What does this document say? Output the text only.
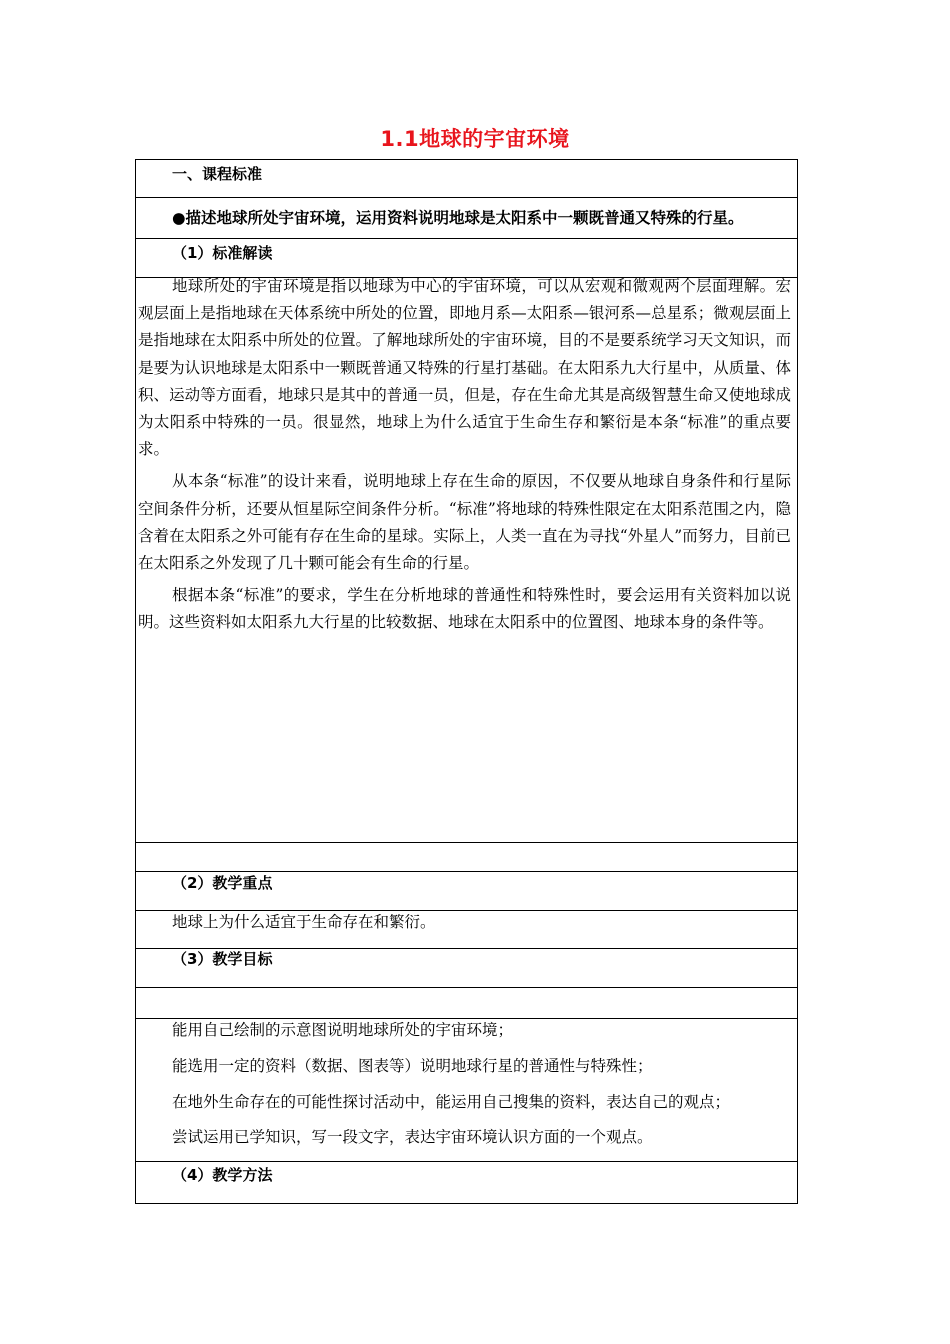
1.1地球的宇宙环境
一、课程标准
●描述地球所处宇宙环境，运用资料说明地球是太阳系中一颗既普通又特殊的行星。
（1）标准解读

地球所处的宇宙环境是指以地球为中心的宇宙环境，可以从宏观和微观两个层面理解。宏观层面上是指地球在天体系统中所处的位置，即地月系—太阳系—银河系—总星系；微观层面上是指地球在太阳系中所处的位置。了解地球所处的宇宙环境，目的不是要系统学习天文知识，而是要为认识地球是太阳系中一颗既普通又特殊的行星打基础。在太阳系九大行星中，从质量、体积、运动等方面看，地球只是其中的普通一员，但是，存在生命尤其是高级智慧生命又使地球成为太阳系中特殊的一员。很显然，地球上为什么适宜于生命生存和繁衍是本条“标准”的重点要求。

从本条“标准”的设计来看，说明地球上存在生命的原因，不仅要从地球自身条件和行星际空间条件分析，还要从恒星际空间条件分析。“标准”将地球的特殊性限定在太阳系范围之内，隐含着在太阳系之外可能有存在生命的星球。实际上，人类一直在为寻找“外星人”而努力，目前已在太阳系之外发现了几十颗可能会有生命的行星。

根据本条“标准”的要求，学生在分析地球的普通性和特殊性时，要会运用有关资料加以说明。这些资料如太阳系九大行星的比较数据、地球在太阳系中的位置图、地球本身的条件等。

（2）教学重点
地球上为什么适宜于生命存在和繁衍。
（3）教学目标
能用自己绘制的示意图说明地球所处的宇宙环境；
能选用一定的资料（数据、图表等）说明地球行星的普通性与特殊性；
在地外生命存在的可能性探讨活动中，能运用自己搜集的资料，表达自己的观点；
尝试运用已学知识，写一段文字，表达宇宙环境认识方面的一个观点。
（4）教学方法
